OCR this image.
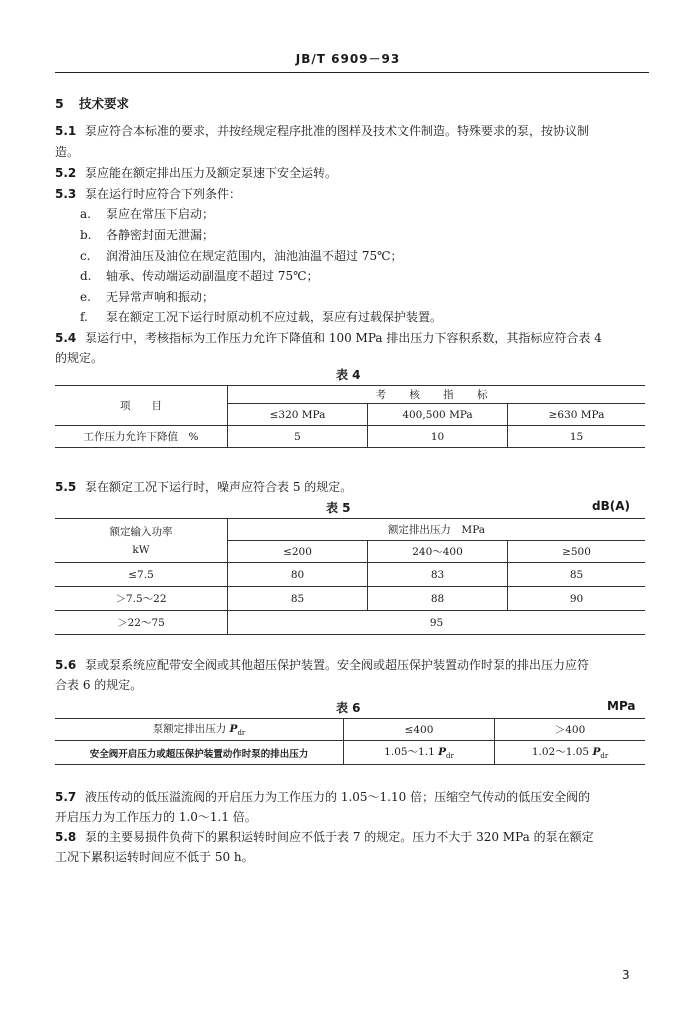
JB/T 6909－93
5 技术要求
5.1 泵应符合本标准的要求，并按经规定程序批准的图样及技术文件制造。特殊要求的泵，按协议制
造。
5.2 泵应能在额定排出压力及额定泵速下安全运转。
5.3 泵在运行时应符合下列条件：
a. 泵应在常压下启动；
b. 各静密封面无泄漏；
c. 润滑油压及油位在规定范围内，油池油温不超过 75℃；
d. 轴承、传动端运动副温度不超过 75℃；
e. 无异常声响和振动；
f. 泵在额定工况下运行时原动机不应过载，泵应有过载保护装置。
5.4 泵运行中，考核指标为工作压力允许下降值和 100 MPa 排出压力下容积系数，其指标应符合表 4
的规定。
表 4
项　　目	考 核 指 标		
	≤320 MPa	400,500 MPa	≥630 MPa
工作压力允许下降值　%	5	10	15
5.5 泵在额定工况下运行时，噪声应符合表 5 的规定。
表 5	dB(A)
额定输入功率
kW	额定排出压力　MPa		
	≤200	240～400	≥500
≤7.5	80	83	85
＞7.5～22	85	88	90
＞22～75	95		
5.6 泵或泵系统应配带安全阀或其他超压保护装置。安全阀或超压保护装置动作时泵的排出压力应符
合表 6 的规定。
表 6	MPa
泵额定排出压力 $P_{dr}$	≤400	＞400
安全阀开启压力或超压保护装置动作时泵的排出压力	1.05～1.1 $P_{dr}$	1.02～1.05 $P_{dr}$
5.7 液压传动的低压溢流阀的开启压力为工作压力的 1.05～1.10 倍；压缩空气传动的低压安全阀的
开启压力为工作压力的 1.0～1.1 倍。
5.8 泵的主要易损件负荷下的累积运转时间应不低于表 7 的规定。压力不大于 320 MPa 的泵在额定
工况下累积运转时间应不低于 50 h。
3
